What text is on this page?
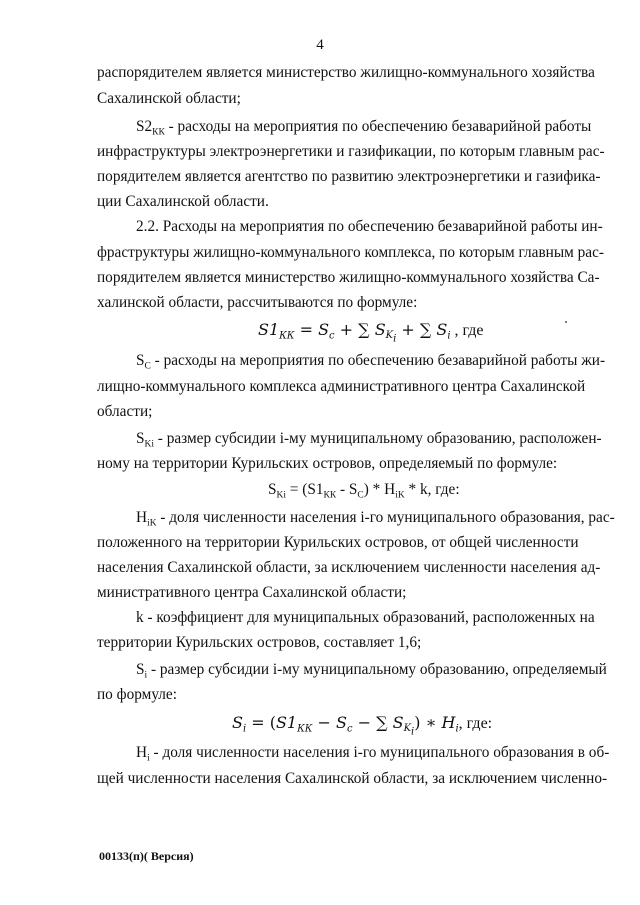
4
распорядителем является министерство жилищно-коммунального хозяйства
Сахалинской области;
$S2_{КК}$ - расходы на мероприятия по обеспечению безаварийной работы
инфраструктуры электроэнергетики и газификации, по которым главным рас-
порядителем является агентство по развитию электроэнергетики и газифика-
ции Сахалинской области.
2.2. Расходы на мероприятия по обеспечению безаварийной работы ин-
фраструктуры жилищно-коммунального комплекса, по которым главным рас-
порядителем является министерство жилищно-коммунального хозяйства Са-
халинской области, рассчитываются по формуле:
$S1_{КК} = S_c$ + ∑ $S_{K_i}$ + ∑ $S_i$ , где
$S_C$ - расходы на мероприятия по обеспечению безаварийной работы жи-
лищно-коммунального комплекса административного центра Сахалинской
области;
$S_{Ki}$ - размер субсидии i-му муниципальному образованию, расположен-
ному на территории Курильских островов, определяемый по формуле:
$S_{Ki} = (S1_{КК} - S_C) * H_{iK} * k$, где:
$H_{iK}$ - доля численности населения i-го муниципального образования, рас-
положенного на территории Курильских островов, от общей численности
населения Сахалинской области, за исключением численности населения ад-
министративного центра Сахалинской области;
k - коэффициент для муниципальных образований, расположенных на
территории Курильских островов, составляет 1,6;
$S_i$ - размер субсидии i-му муниципальному образованию, определяемый
по формуле:
$S_i = (S1_{КК} - S_c$ − ∑ $S_{K_i}$) ∗ $H_i$, где:
$H_i$ - доля численности населения i-го муниципального образования в об-
щей численности населения Сахалинской области, за исключением численно-
00133(п)( Версия)
